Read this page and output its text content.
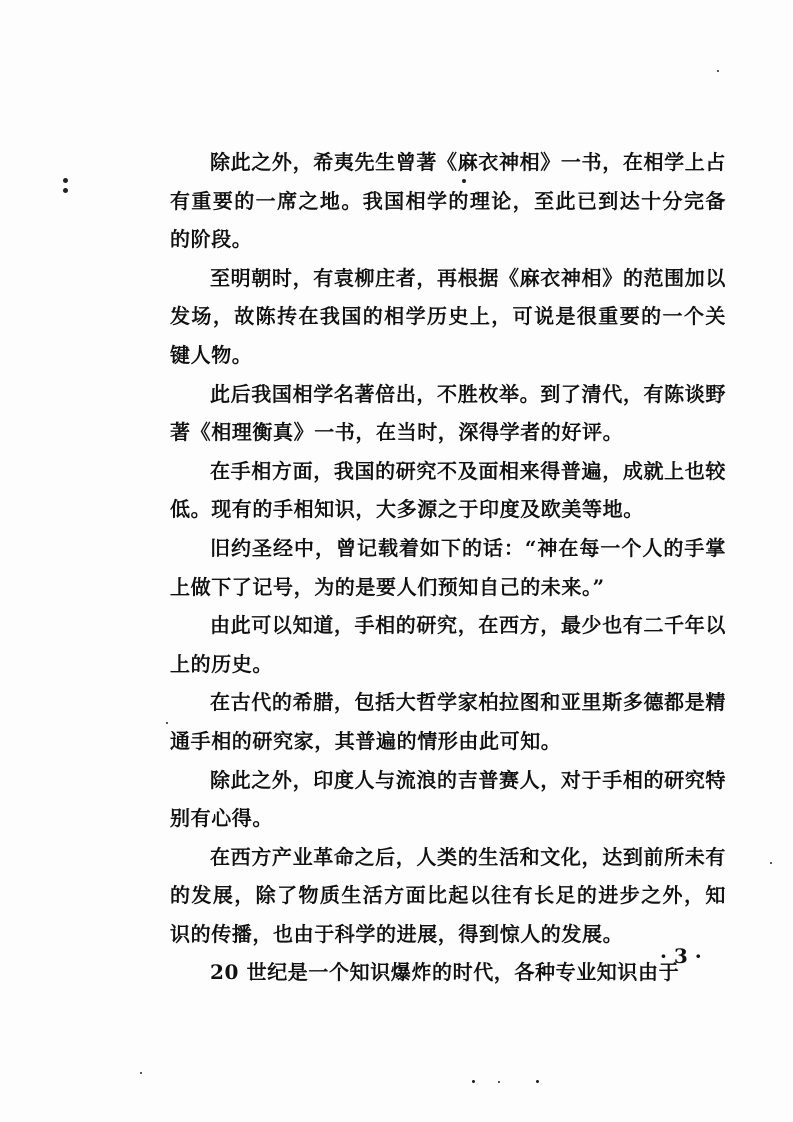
除此之外，希夷先生曾著《麻衣神相》一书，在相学上占有重要的一席之地。我国相学的理论，至此已到达十分完备的阶段。

至明朝时，有袁柳庄者，再根据《麻衣神相》的范围加以发场，故陈抟在我国的相学历史上，可说是很重要的一个关键人物。

此后我国相学名著倍出，不胜枚举。到了清代，有陈谈野著《相理衡真》一书，在当时，深得学者的好评。

在手相方面，我国的研究不及面相来得普遍，成就上也较低。现有的手相知识，大多源之于印度及欧美等地。

旧约圣经中，曾记载着如下的话：“神在每一个人的手掌上做下了记号，为的是要人们预知自己的未来。”

由此可以知道，手相的研究，在西方，最少也有二千年以上的历史。

在古代的希腊，包括大哲学家柏拉图和亚里斯多德都是精通手相的研究家，其普遍的情形由此可知。

除此之外，印度人与流浪的吉普赛人，对于手相的研究特别有心得。

在西方产业革命之后，人类的生活和文化，达到前所未有的发展，除了物质生活方面比起以往有长足的进步之外，知识的传播，也由于科学的进展，得到惊人的发展。

20 世纪是一个知识爆炸的时代，各种专业知识由于

· 3 ·
